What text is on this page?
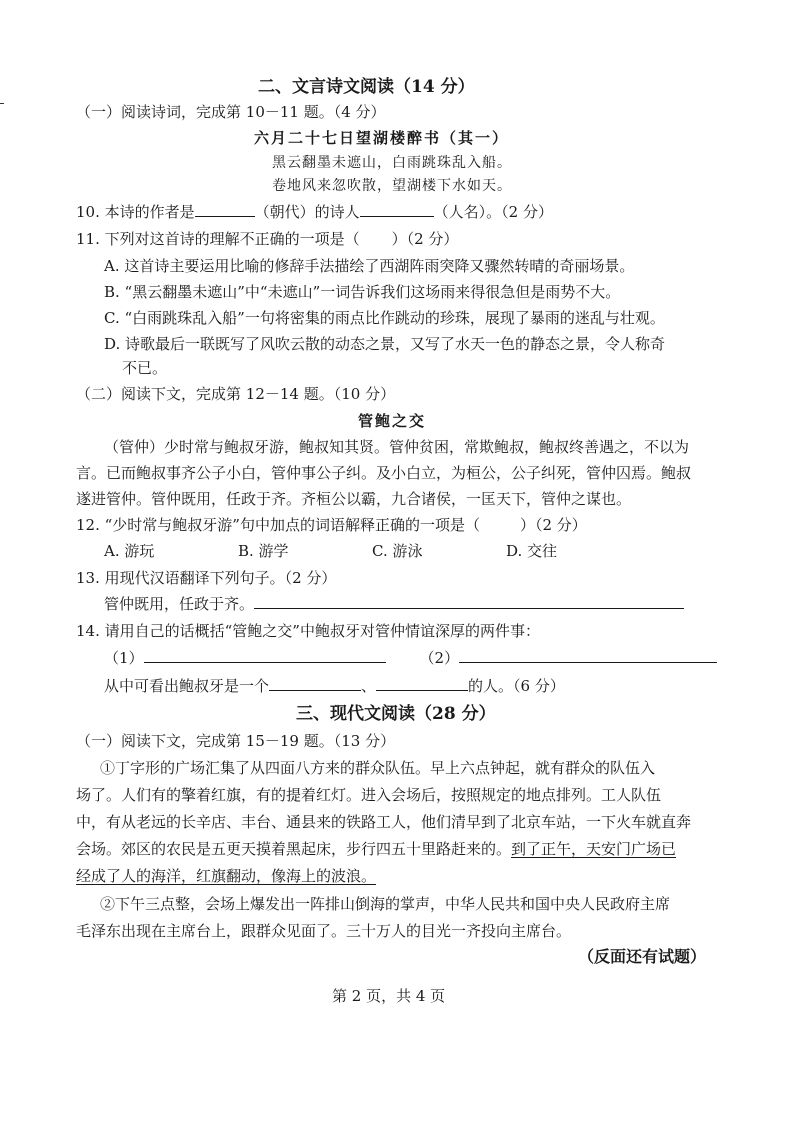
二、文言诗文阅读（14 分）
（一）阅读诗词，完成第 10－11 题。（4 分）
六月二十七日望湖楼醉书（其一）
黑云翻墨未遮山，白雨跳珠乱入船。
卷地风来忽吹散，望湖楼下水如天。
10. 本诗的作者是	（朝代）的诗人	（人名）。（2 分）
11. 下列对这首诗的理解不正确的一项是（ ）（2 分）
A. 这首诗主要运用比喻的修辞手法描绘了西湖阵雨突降又骤然转晴的奇丽场景。
B. “黑云翻墨未遮山”中“未遮山”一词告诉我们这场雨来得很急但是雨势不大。
C. “白雨跳珠乱入船”一句将密集的雨点比作跳动的珍珠，展现了暴雨的迷乱与壮观。
D. 诗歌最后一联既写了风吹云散的动态之景，又写了水天一色的静态之景，令人称奇
不已。
（二）阅读下文，完成第 12－14 题。（10 分）
管鲍之交
（管仲）少时常与鲍叔牙游，鲍叔知其贤。管仲贫困，常欺鲍叔，鲍叔终善遇之，不以为
言。已而鲍叔事齐公子小白，管仲事公子纠。及小白立，为桓公，公子纠死，管仲囚焉。鲍叔
遂进管仲。管仲既用，任政于齐。齐桓公以霸，九合诸侯，一匡天下，管仲之谋也。
12. “少时常与鲍叔牙游”句中加点的词语解释正确的一项是（	）（2 分）
A. 游玩	B. 游学	C. 游泳	D. 交往
13. 用现代汉语翻译下列句子。（2 分）
管仲既用，任政于齐。
14. 请用自己的话概括“管鲍之交”中鲍叔牙对管仲情谊深厚的两件事：
（1）	（2）
从中可看出鲍叔牙是一个	、	的人。（6 分）
三、现代文阅读（28 分）
（一）阅读下文，完成第 15－19 题。（13 分）
①丁字形的广场汇集了从四面八方来的群众队伍。早上六点钟起，就有群众的队伍入
场了。人们有的擎着红旗，有的提着红灯。进入会场后，按照规定的地点排列。工人队伍
中，有从老远的长辛店、丰台、通县来的铁路工人，他们清早到了北京车站，一下火车就直奔
会场。郊区的农民是五更天摸着黑起床，步行四五十里路赶来的。到了正午，天安门广场已
经成了人的海洋，红旗翻动，像海上的波浪。
②下午三点整，会场上爆发出一阵排山倒海的掌声，中华人民共和国中央人民政府主席
毛泽东出现在主席台上，跟群众见面了。三十万人的目光一齐投向主席台。
（反面还有试题）
第 2 页，共 4 页
